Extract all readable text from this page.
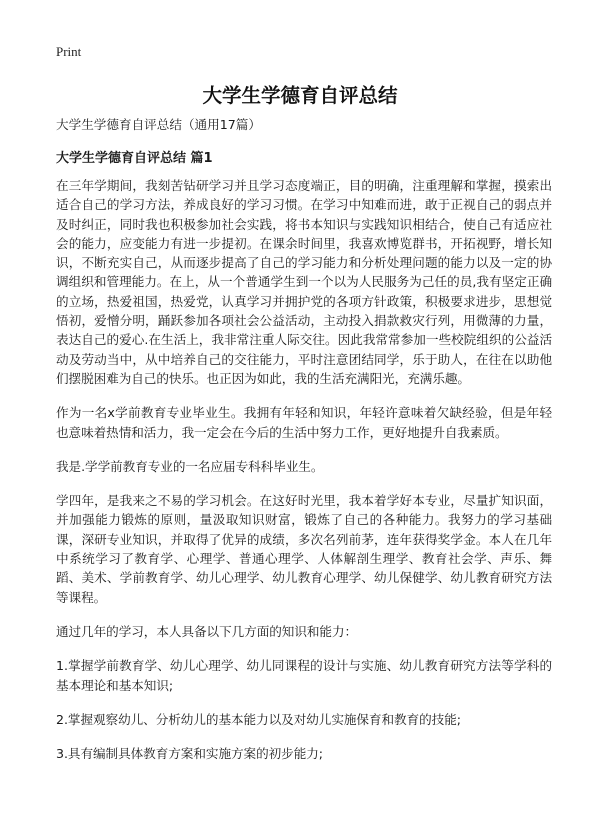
Print
大学生学德育自评总结

大学生学德育自评总结（通用17篇）

大学生学德育自评总结 篇1

在三年学期间，我刻苦钻研学习并且学习态度端正，目的明确，注重理解和掌握，摸索出适合自己的学习方法，养成良好的学习习惯。在学习中知难而进，敢于正视自己的弱点并及时纠正，同时我也积极参加社会实践，将书本知识与实践知识相结合，使自己有适应社会的能力，应变能力有进一步提初。在课余时间里，我喜欢博览群书，开拓视野，增长知识，不断充实自己，从而逐步提高了自己的学习能力和分析处理问题的能力以及一定的协调组织和管理能力。在上，从一个普通学生到一个以为人民服务为己任的员,我有坚定正确的立场，热爱祖国，热爱党，认真学习并拥护党的各项方针政策，积极要求进步，思想觉悟初，爱憎分明，踊跃参加各项社会公益活动，主动投入捐款救灾行列，用微薄的力量，表达自己的爱心.在生活上，我非常注重人际交往。因此我常常参加一些校院组织的公益活动及劳动当中，从中培养自己的交往能力，平时注意团结同学，乐于助人，在往在以助他们摆脱困难为自己的快乐。也正因为如此，我的生活充满阳光，充满乐趣。

作为一名x学前教育专业毕业生。我拥有年轻和知识，年轻许意味着欠缺经验，但是年轻也意味着热情和活力，我一定会在今后的生活中努力工作，更好地提升自我素质。

我是.学学前教育专业的一名应届专科科毕业生。

学四年，是我来之不易的学习机会。在这好时光里，我本着学好本专业，尽量扩知识面，并加强能力锻炼的原则，量汲取知识财富，锻炼了自己的各种能力。我努力的学习基础课，深研专业知识，并取得了优异的成绩，多次名列前茅，连年获得奖学金。本人在几年中系统学习了教育学、心理学、普通心理学、人体解剖生理学、教育社会学、声乐、舞蹈、美术、学前教育学、幼儿心理学、幼儿教育心理学、幼儿保健学、幼儿教育研究方法等课程。

通过几年的学习，本人具备以下几方面的知识和能力：

1.掌握学前教育学、幼儿心理学、幼儿同课程的设计与实施、幼儿教育研究方法等学科的基本理论和基本知识;

2.掌握观察幼儿、分析幼儿的基本能力以及对幼儿实施保育和教育的技能;

3.具有编制具体教育方案和实施方案的初步能力;
